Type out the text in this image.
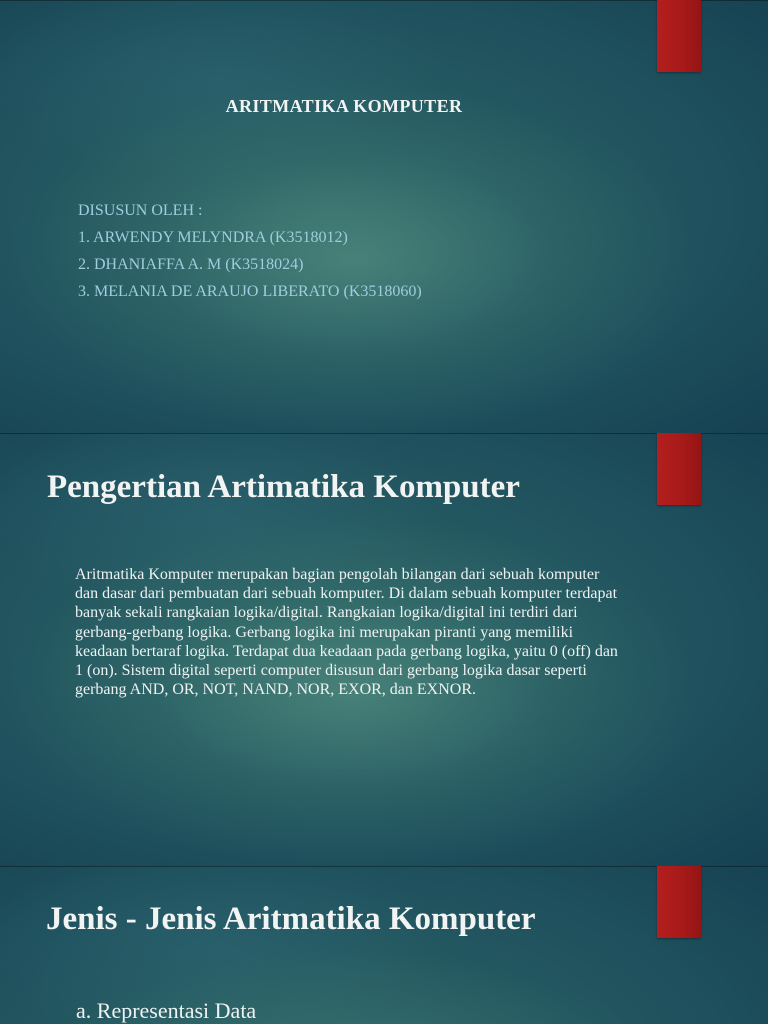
ARITMATIKA KOMPUTER
DISUSUN OLEH :
1. ARWENDY MELYNDRA (K3518012)
2. DHANIAFFA A. M (K3518024)
3. MELANIA DE ARAUJO LIBERATO (K3518060)
Pengertian Artimatika Komputer
Aritmatika Komputer merupakan bagian pengolah bilangan dari sebuah komputer
dan dasar dari pembuatan dari sebuah komputer. Di dalam sebuah komputer terdapat
banyak sekali rangkaian logika/digital. Rangkaian logika/digital ini terdiri dari
gerbang-gerbang logika. Gerbang logika ini merupakan piranti yang memiliki
keadaan bertaraf logika. Terdapat dua keadaan pada gerbang logika, yaitu 0 (off) dan
1 (on). Sistem digital seperti computer disusun dari gerbang logika dasar seperti
gerbang AND, OR, NOT, NAND, NOR, EXOR, dan EXNOR.
Jenis - Jenis Aritmatika Komputer
a. Representasi Data
